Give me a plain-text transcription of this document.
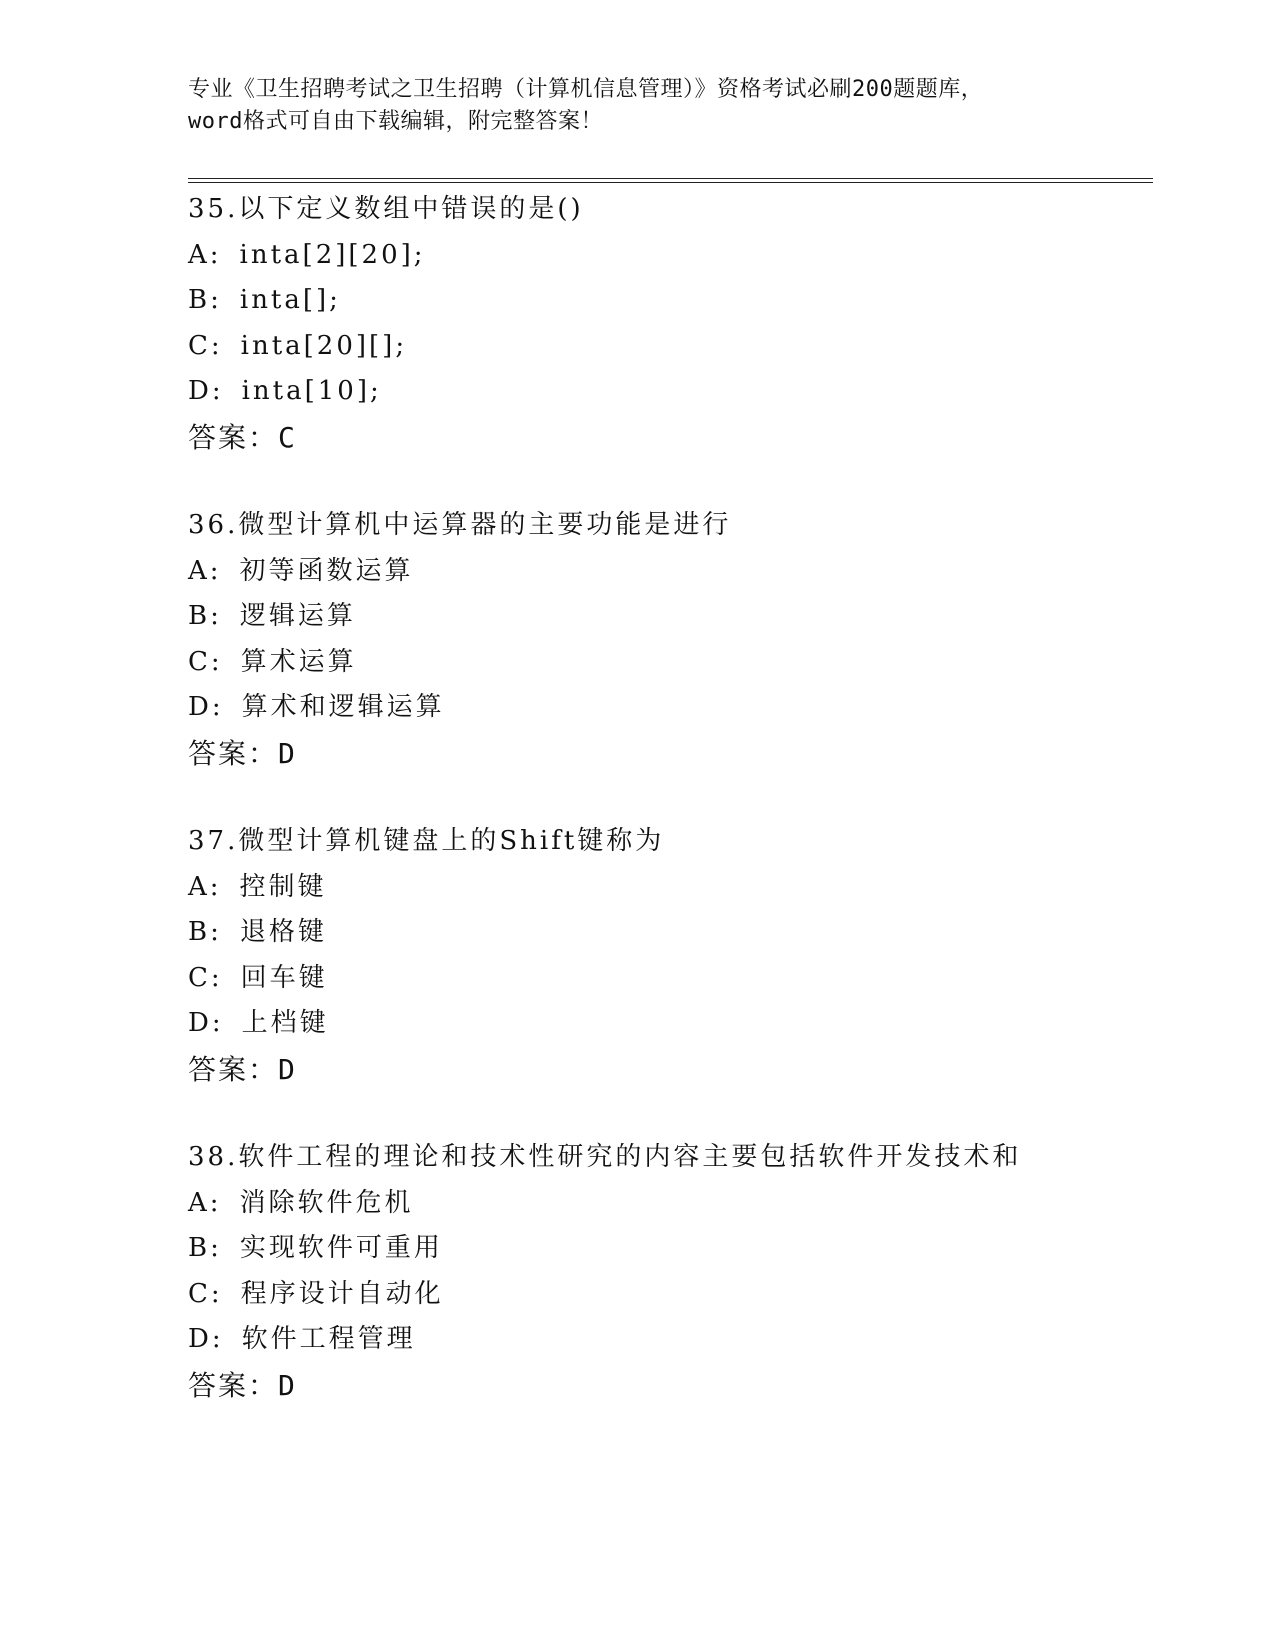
专业《卫生招聘考试之卫生招聘（计算机信息管理）》资格考试必刷200题题库，
word格式可自由下载编辑，附完整答案！
35.以下定义数组中错误的是()
A: inta[2][20];
B: inta[];
C: inta[20][];
D: inta[10];
答案：C
36.微型计算机中运算器的主要功能是进行
A: 初等函数运算
B: 逻辑运算
C: 算术运算
D: 算术和逻辑运算
答案：D
37.微型计算机键盘上的Shift键称为
A: 控制键
B: 退格键
C: 回车键
D: 上档键
答案：D
38.软件工程的理论和技术性研究的内容主要包括软件开发技术和
A: 消除软件危机
B: 实现软件可重用
C: 程序设计自动化
D: 软件工程管理
答案：D
